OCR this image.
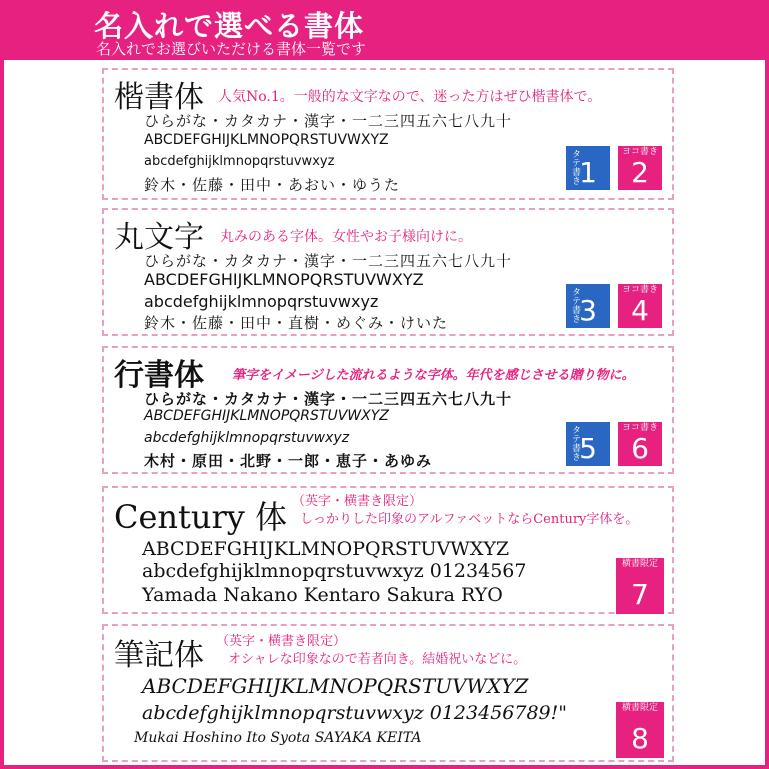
名入れで選べる書体
名入れでお選びいただける書体一覧です
楷書体 人気No.1。一般的な文字なので、迷った方はぜひ楷書体で。
ひらがな・カタカナ・漢字・一二三四五六七八九十
ABCDEFGHIJKLMNOPQRSTUVWXYZ
abcdefghijklmnopqrstuvwxyz
鈴木・佐藤・田中・あおい・ゆうた	タテ書き 1
ヨコ書き
2
丸文字 丸みのある字体。女性やお子様向けに。
ひらがな・カタカナ・漢字・一二三四五六七八九十
ABCDEFGHIJKLMNOPQRSTUVWXYZ
abcdefghijklmnopqrstuvwxyz
鈴木・佐藤・田中・直樹・めぐみ・けいた	タテ書き 3
ヨコ書き
4
行書体 筆字をイメージした流れるような字体。年代を感じさせる贈り物に。
ひらがな・カタカナ・漢字・一二三四五六七八九十
ABCDEFGHIJKLMNOPQRSTUVWXYZ
abcdefghijklmnopqrstuvwxyz
木村・原田・北野・一郎・恵子・あゆみ	タテ書き 5
ヨコ書き
6
Century 体 （英字・横書き限定）
しっかりした印象のアルファベットならCentury字体を。
ABCDEFGHIJKLMNOPQRSTUVWXYZ
abcdefghijklmnopqrstuvwxyz 01234567
Yamada Nakano Kentaro Sakura RYO
横書限定
7
筆記体 （英字・横書き限定）
オシャレな印象なので若者向き。結婚祝いなどに。
ABCDEFGHIJKLMNOPQRSTUVWXYZ
abcdefghijklmnopqrstuvwxyz 0123456789!"
Mukai Hoshino Ito Syota SAYAKA KEITA
横書限定
8
